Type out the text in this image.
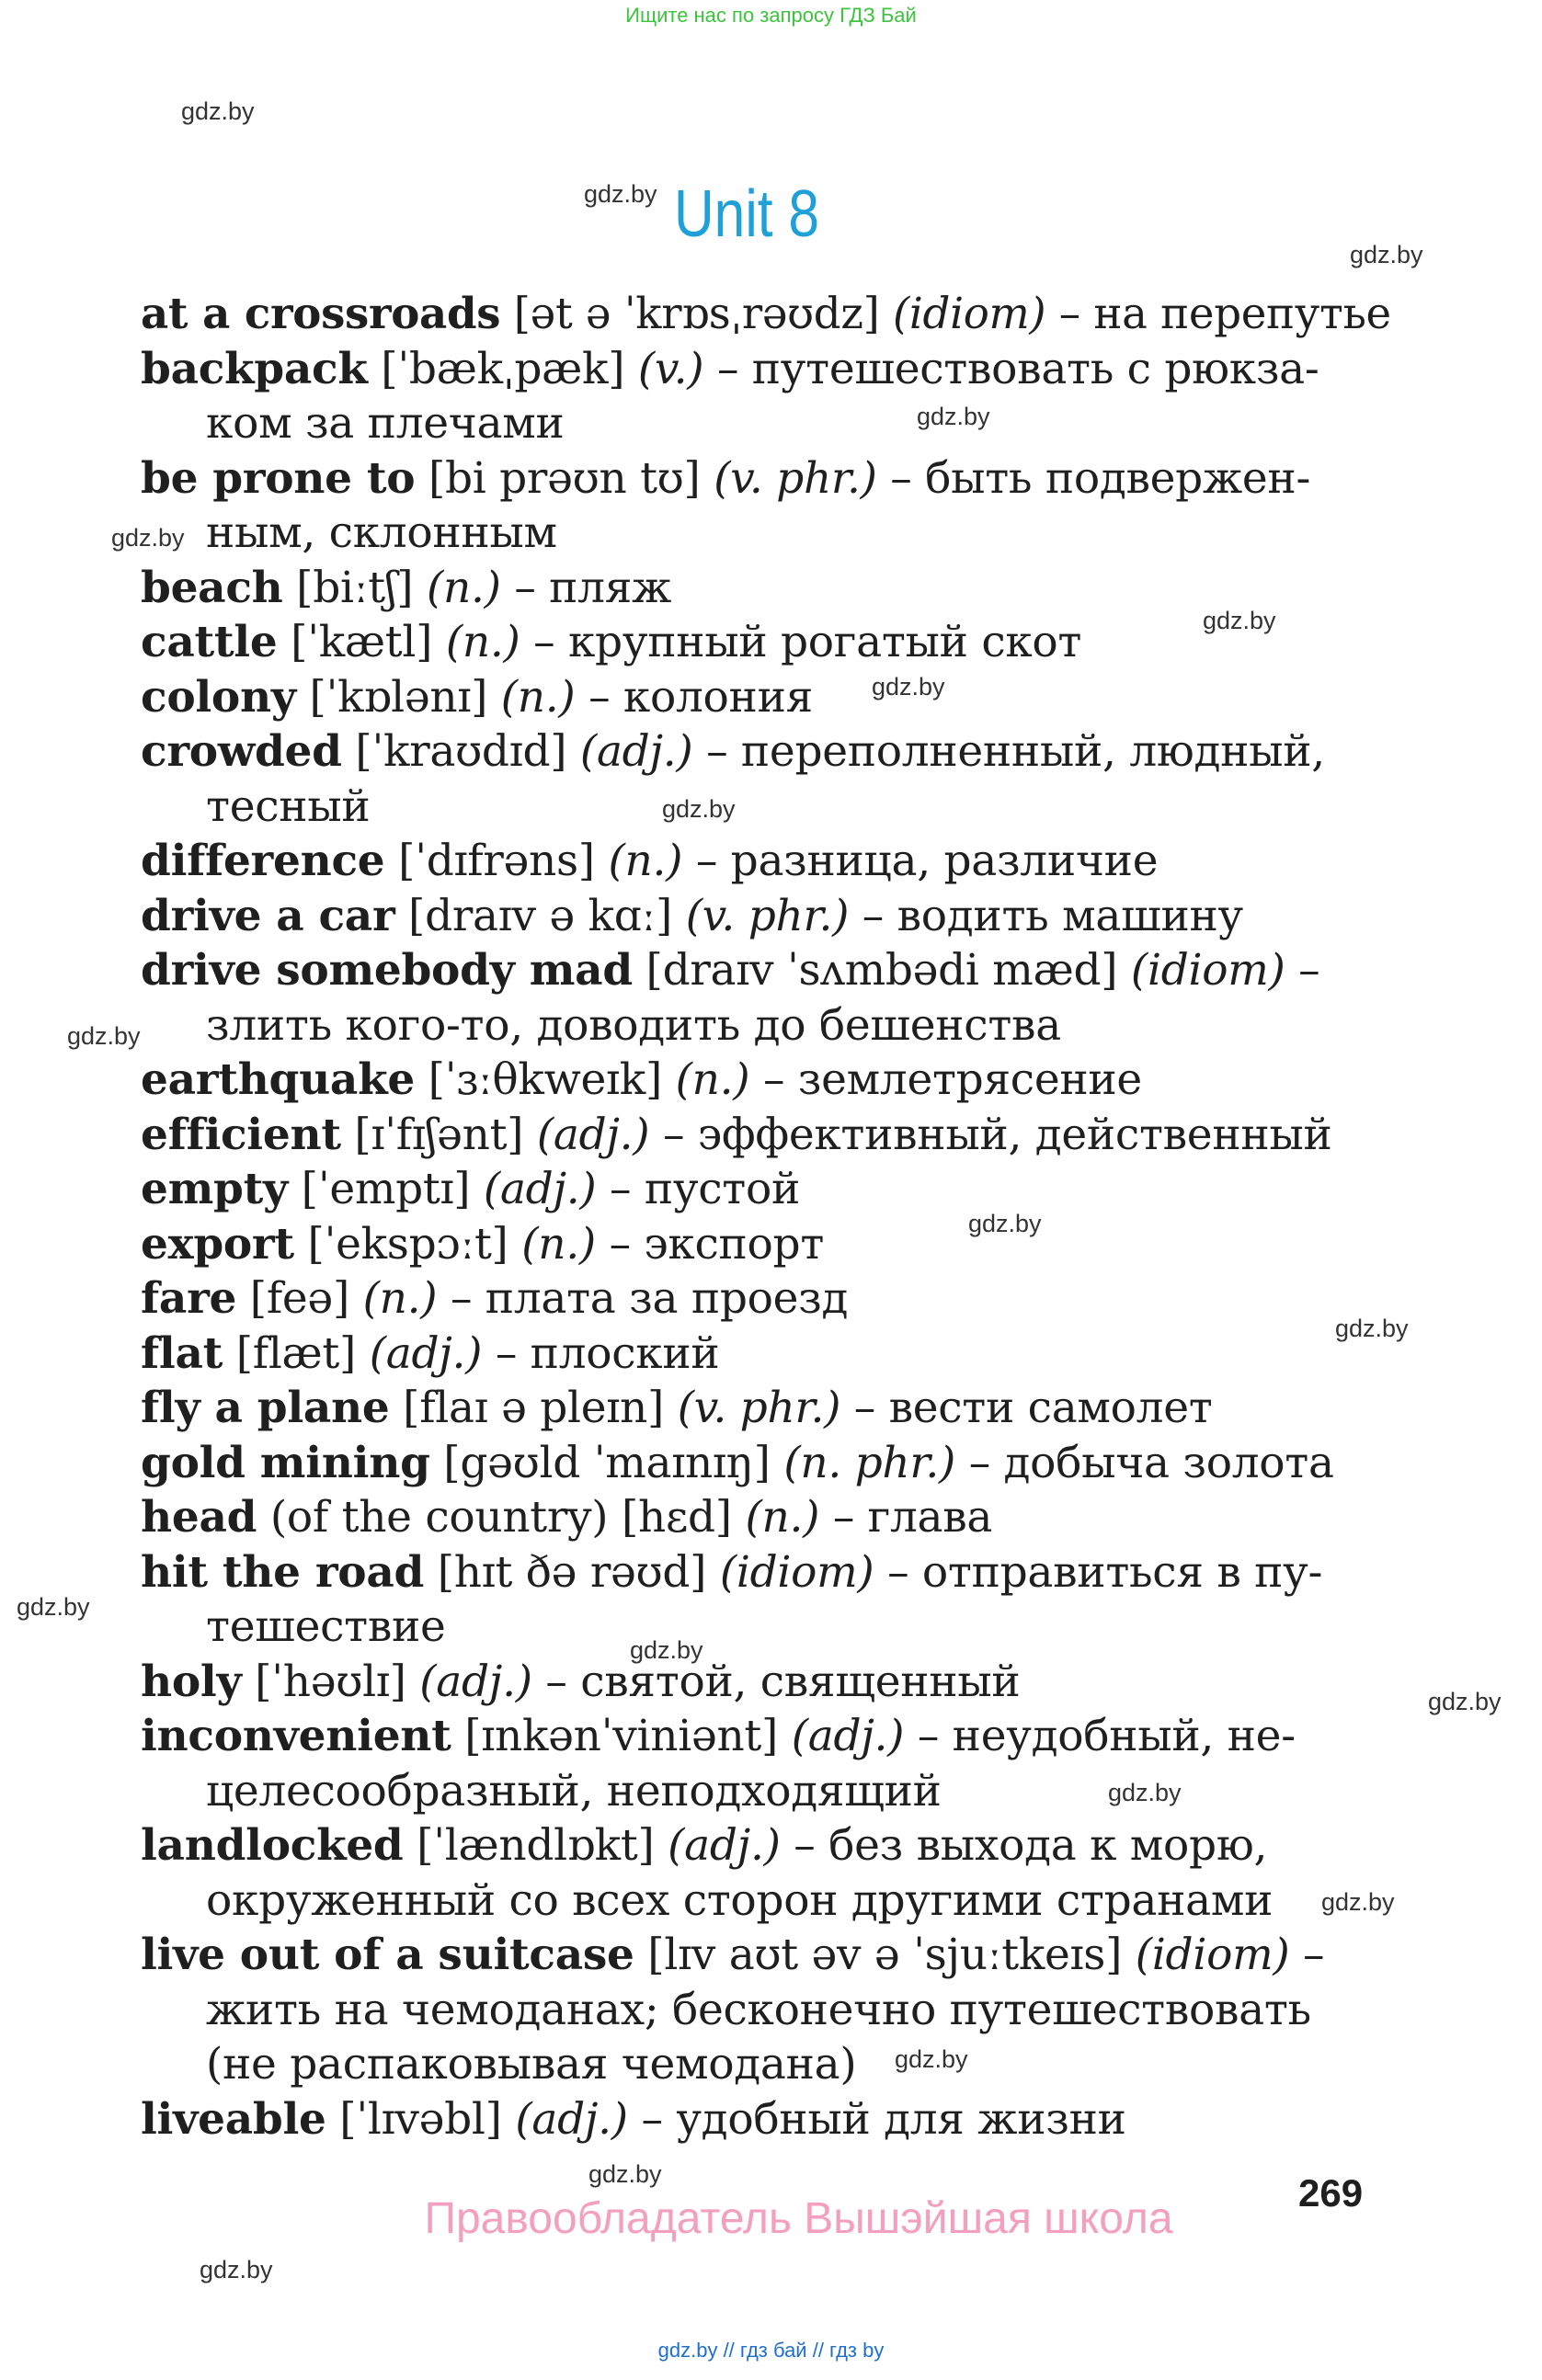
Ищите нас по запросу ГДЗ Бай
Unit 8
gdz.by
gdz.by
gdz.by
gdz.by
gdz.by
gdz.by
gdz.by
gdz.by
gdz.by
gdz.by
gdz.by
gdz.by
gdz.by
gdz.by
gdz.by
gdz.by
gdz.by
gdz.by
gdz.by
at a crossroads [ət ə ˈkrɒsˌrəʊdz] (idiom) – на перепутье
backpack [ˈbækˌpæk] (v.) – путешествовать с рюкза-
ком за плечами
be prone to [bi prəʊn tʊ] (v. phr.) – быть подвержен-
ным, склонным
beach [biːtʃ] (n.) – пляж
cattle [ˈkætl] (n.) – крупный рогатый скот
colony [ˈkɒlənɪ] (n.) – колония
crowded [ˈkraʊdɪd] (adj.) – переполненный, людный,
тесный
difference [ˈdɪfrəns] (n.) – разница, различие
drive a car [draɪv ə kɑː] (v. phr.) – водить машину
drive somebody mad [draɪv ˈsʌmbədi mæd] (idiom) –
злить кого-то, доводить до бешенства
earthquake [ˈɜːθkweɪk] (n.) – землетрясение
efficient [ɪˈfɪʃənt] (adj.) – эффективный, действенный
empty [ˈemptɪ] (adj.) – пустой
export [ˈekspɔːt] (n.) – экспорт
fare [feə] (n.) – плата за проезд
flat [flæt] (adj.) – плоский
fly a plane [flaɪ ə pleɪn] (v. phr.) – вести самолет
gold mining [gəʊld ˈmaɪnɪŋ] (n. phr.) – добыча золота
head (of the country) [hɛd] (n.) – глава
hit the road [hɪt ðə rəʊd] (idiom) – отправиться в пу-
тешествие
holy [ˈhəʊlɪ] (adj.) – святой, священный
inconvenient [ɪnkənˈviniənt] (adj.) – неудобный, не-
целесообразный, неподходящий
landlocked [ˈlændlɒkt] (adj.) – без выхода к морю,
окруженный со всех сторон другими странами
live out of a suitcase [lɪv aʊt əv ə ˈsjuːtkeɪs] (idiom) –
жить на чемоданах; бесконечно путешествовать
(не распаковывая чемодана)
liveable [ˈlɪvəbl] (adj.) – удобный для жизни
269
Правообладатель Вышэйшая школа
gdz.by // гдз бай // гдз by
